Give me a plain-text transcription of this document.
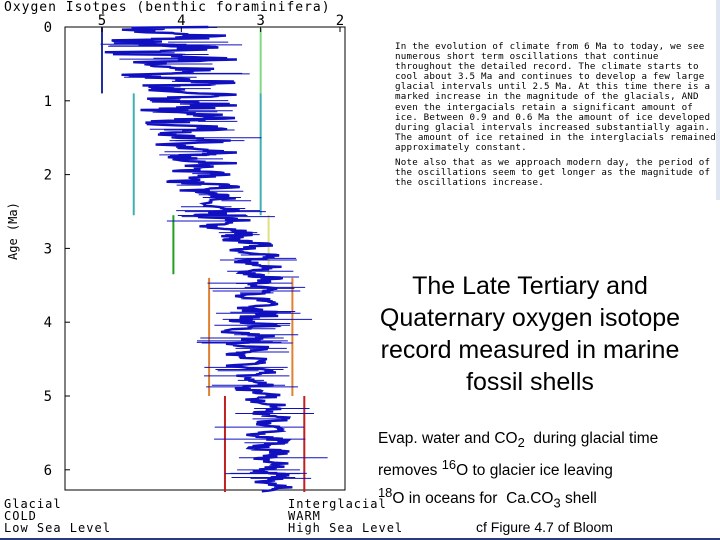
Oxygen Isotpes (benthic foraminifera)
5	4	3	2
0
1
2
3
4
5
6
Age (Ma)
Glacial
COLD
Low Sea Level
Interglacial
WARM
High Sea Level

In the evolution of climate from 6 Ma to today, we see numerous short term oscillations that continue throughout the detailed record. The climate starts to cool about 3.5 Ma and continues to develop a few large glacial intervals until 2.5 Ma. At this time there is a marked increase in the magnitude of the glacials, AND even the intergacials retain a significant amount of ice. Between 0.9 and 0.6 Ma the amount of ice developed during glacial intervals increased substantially again. The amount of ice retained in the interglacials remained approximately constant.

Note also that as we approach modern day, the period of the oscillations seem to get longer as the magnitude of the oscillations increase.

The Late Tertiary and Quaternary oxygen isotope record measured in marine fossil shells
Evap. water and $CO_2$  during glacial time
removes $^{16}$O to glacier ice leaving
$^{18}$O in oceans for  $Ca.CO_3$ shell
cf Figure 4.7 of Bloom
